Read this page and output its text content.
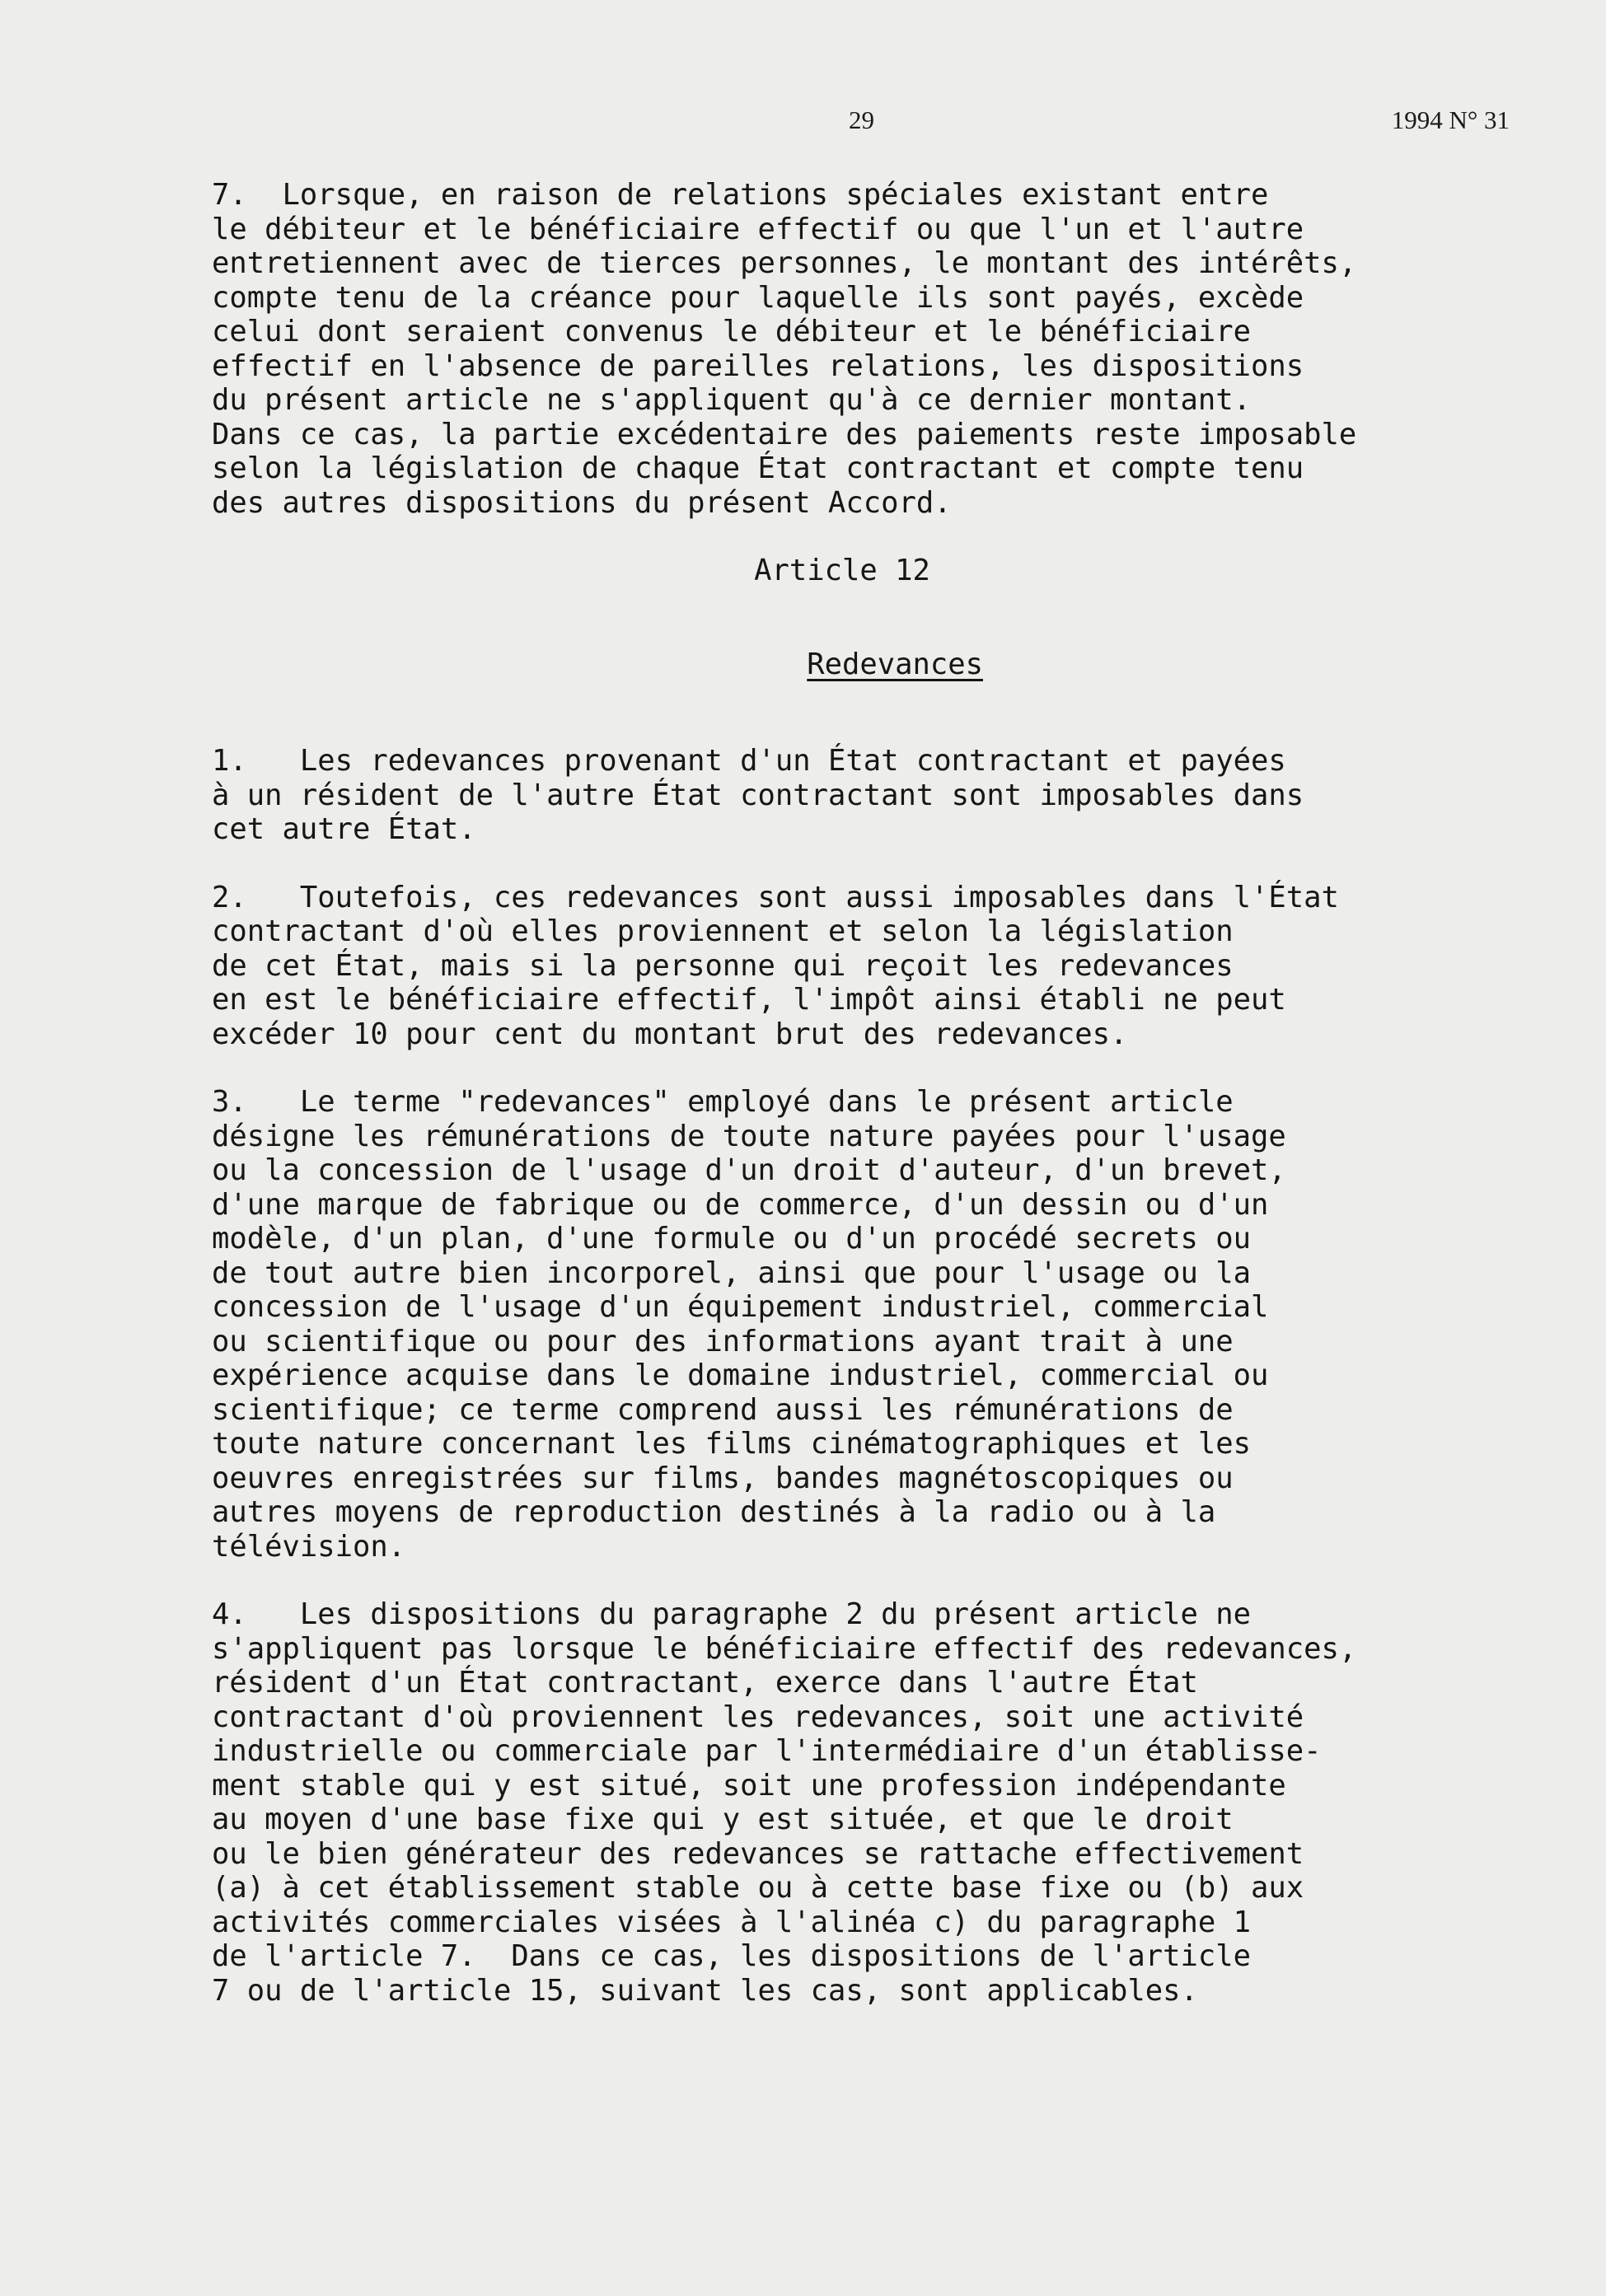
29	1994 N° 31

7.  Lorsque, en raison de relations spéciales existant entre
le débiteur et le bénéficiaire effectif ou que l'un et l'autre
entretiennent avec de tierces personnes, le montant des intérêts,
compte tenu de la créance pour laquelle ils sont payés, excède
celui dont seraient convenus le débiteur et le bénéficiaire
effectif en l'absence de pareilles relations, les dispositions
du présent article ne s'appliquent qu'à ce dernier montant.
Dans ce cas, la partie excédentaire des paiements reste imposable
selon la législation de chaque État contractant et compte tenu
des autres dispositions du présent Accord.

Article 12

Redevances

1.   Les redevances provenant d'un État contractant et payées
à un résident de l'autre État contractant sont imposables dans
cet autre État.

2.   Toutefois, ces redevances sont aussi imposables dans l'État
contractant d'où elles proviennent et selon la législation
de cet État, mais si la personne qui reçoit les redevances
en est le bénéficiaire effectif, l'impôt ainsi établi ne peut
excéder 10 pour cent du montant brut des redevances.

3.   Le terme "redevances" employé dans le présent article
désigne les rémunérations de toute nature payées pour l'usage
ou la concession de l'usage d'un droit d'auteur, d'un brevet,
d'une marque de fabrique ou de commerce, d'un dessin ou d'un
modèle, d'un plan, d'une formule ou d'un procédé secrets ou
de tout autre bien incorporel, ainsi que pour l'usage ou la
concession de l'usage d'un équipement industriel, commercial
ou scientifique ou pour des informations ayant trait à une
expérience acquise dans le domaine industriel, commercial ou
scientifique; ce terme comprend aussi les rémunérations de
toute nature concernant les films cinématographiques et les
oeuvres enregistrées sur films, bandes magnétoscopiques ou
autres moyens de reproduction destinés à la radio ou à la
télévision.

4.   Les dispositions du paragraphe 2 du présent article ne
s'appliquent pas lorsque le bénéficiaire effectif des redevances,
résident d'un État contractant, exerce dans l'autre État
contractant d'où proviennent les redevances, soit une activité
industrielle ou commerciale par l'intermédiaire d'un établisse-
ment stable qui y est situé, soit une profession indépendante
au moyen d'une base fixe qui y est située, et que le droit
ou le bien générateur des redevances se rattache effectivement
(a) à cet établissement stable ou à cette base fixe ou (b) aux
activités commerciales visées à l'alinéa c) du paragraphe 1
de l'article 7.  Dans ce cas, les dispositions de l'article
7 ou de l'article 15, suivant les cas, sont applicables.
